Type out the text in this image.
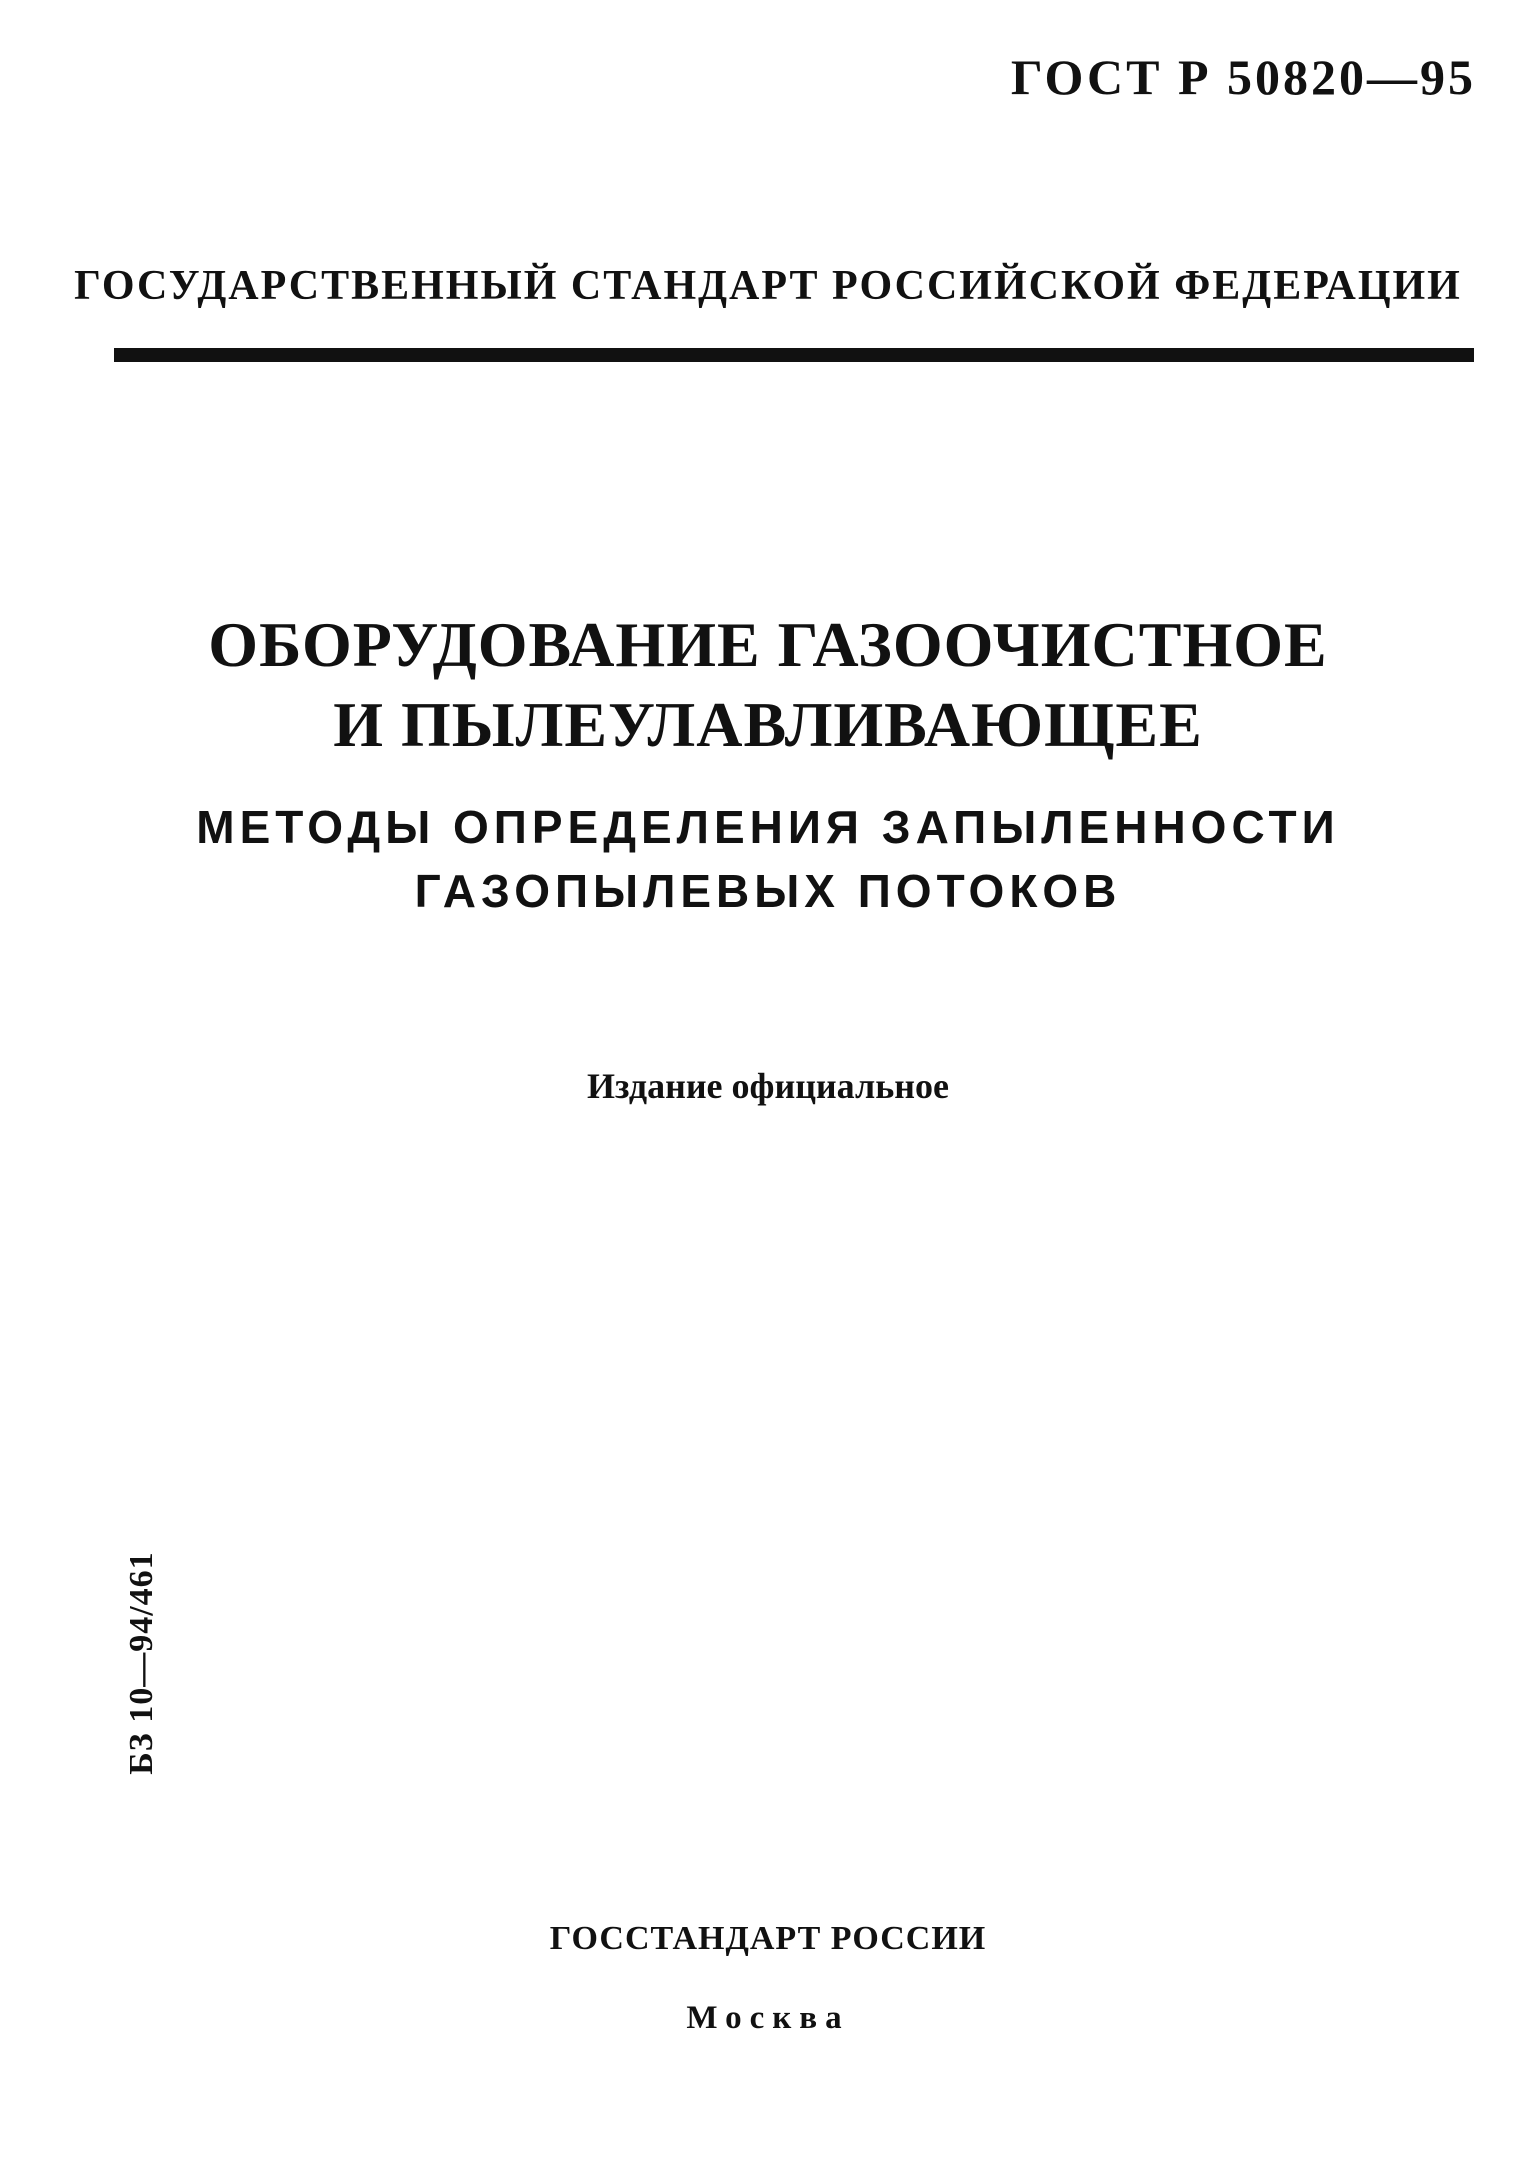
ГОСТ Р 50820—95
ГОСУДАРСТВЕННЫЙ СТАНДАРТ РОССИЙСКОЙ ФЕДЕРАЦИИ
ОБОРУДОВАНИЕ ГАЗООЧИСТНОЕ
И ПЫЛЕУЛАВЛИВАЮЩЕЕ
МЕТОДЫ ОПРЕДЕЛЕНИЯ ЗАПЫЛЕННОСТИ
ГАЗОПЫЛЕВЫХ ПОТОКОВ
Издание официальное
БЗ 10—94/461
ГОССТАНДАРТ РОССИИ
Москва
